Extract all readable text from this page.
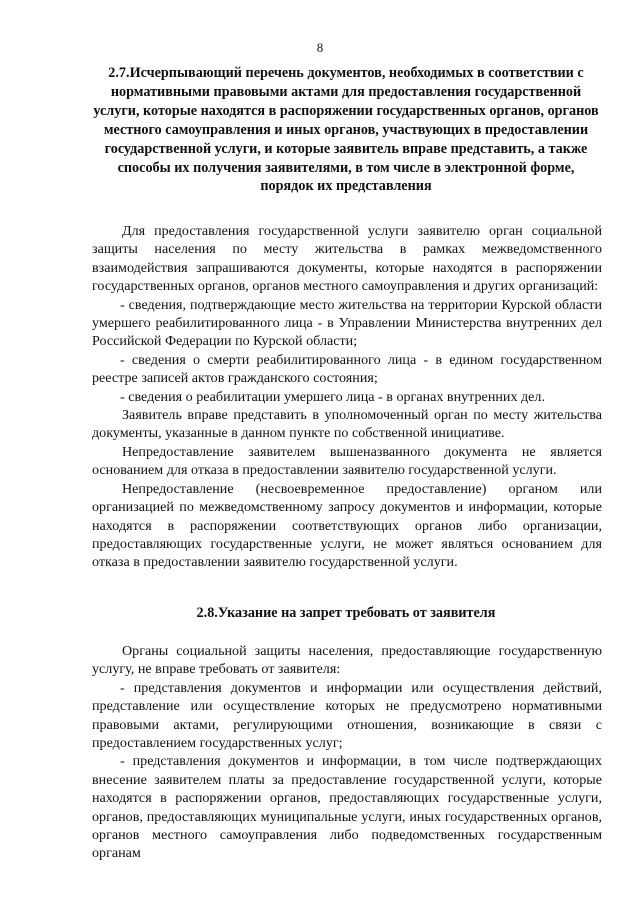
8
2.7.Исчерпывающий перечень документов, необходимых в соответствии с нормативными правовыми актами для предоставления государственной услуги, которые находятся в распоряжении государственных органов, органов местного самоуправления и иных органов, участвующих в предоставлении государственной услуги, и которые заявитель вправе представить, а также способы их получения заявителями, в том числе в электронной форме, порядок их представления

Для предоставления государственной услуги заявителю орган социальной защиты населения по месту жительства в рамках межведомственного взаимодействия запрашиваются документы, которые находятся в распоряжении государственных органов, органов местного самоуправления и других организаций:

- сведения, подтверждающие место жительства на территории Курской области умершего реабилитированного лица - в Управлении Министерства внутренних дел Российской Федерации по Курской области;

- сведения о смерти реабилитированного лица - в едином государственном реестре записей актов гражданского состояния;

- сведения о реабилитации умершего лица - в органах внутренних дел.

Заявитель вправе представить в уполномоченный орган по месту жительства документы, указанные в данном пункте по собственной инициативе.

Непредоставление заявителем вышеназванного документа не является основанием для отказа в предоставлении заявителю государственной услуги.

Непредоставление (несвоевременное предоставление) органом или организацией по межведомственному запросу документов и информации, которые находятся в распоряжении соответствующих органов либо организации, предоставляющих государственные услуги, не может являться основанием для отказа в предоставлении заявителю государственной услуги.

2.8.Указание на запрет требовать от заявителя

Органы социальной защиты населения, предоставляющие государственную услугу, не вправе требовать от заявителя:

- представления документов и информации или осуществления действий, представление или осуществление которых не предусмотрено нормативными правовыми актами, регулирующими отношения, возникающие в связи с предоставлением государственных услуг;

- представления документов и информации, в том числе подтверждающих внесение заявителем платы за предоставление государственной услуги, которые находятся в распоряжении органов, предоставляющих государственные услуги, органов, предоставляющих муниципальные услуги, иных государственных органов, органов местного самоуправления либо подведомственных государственным органам
